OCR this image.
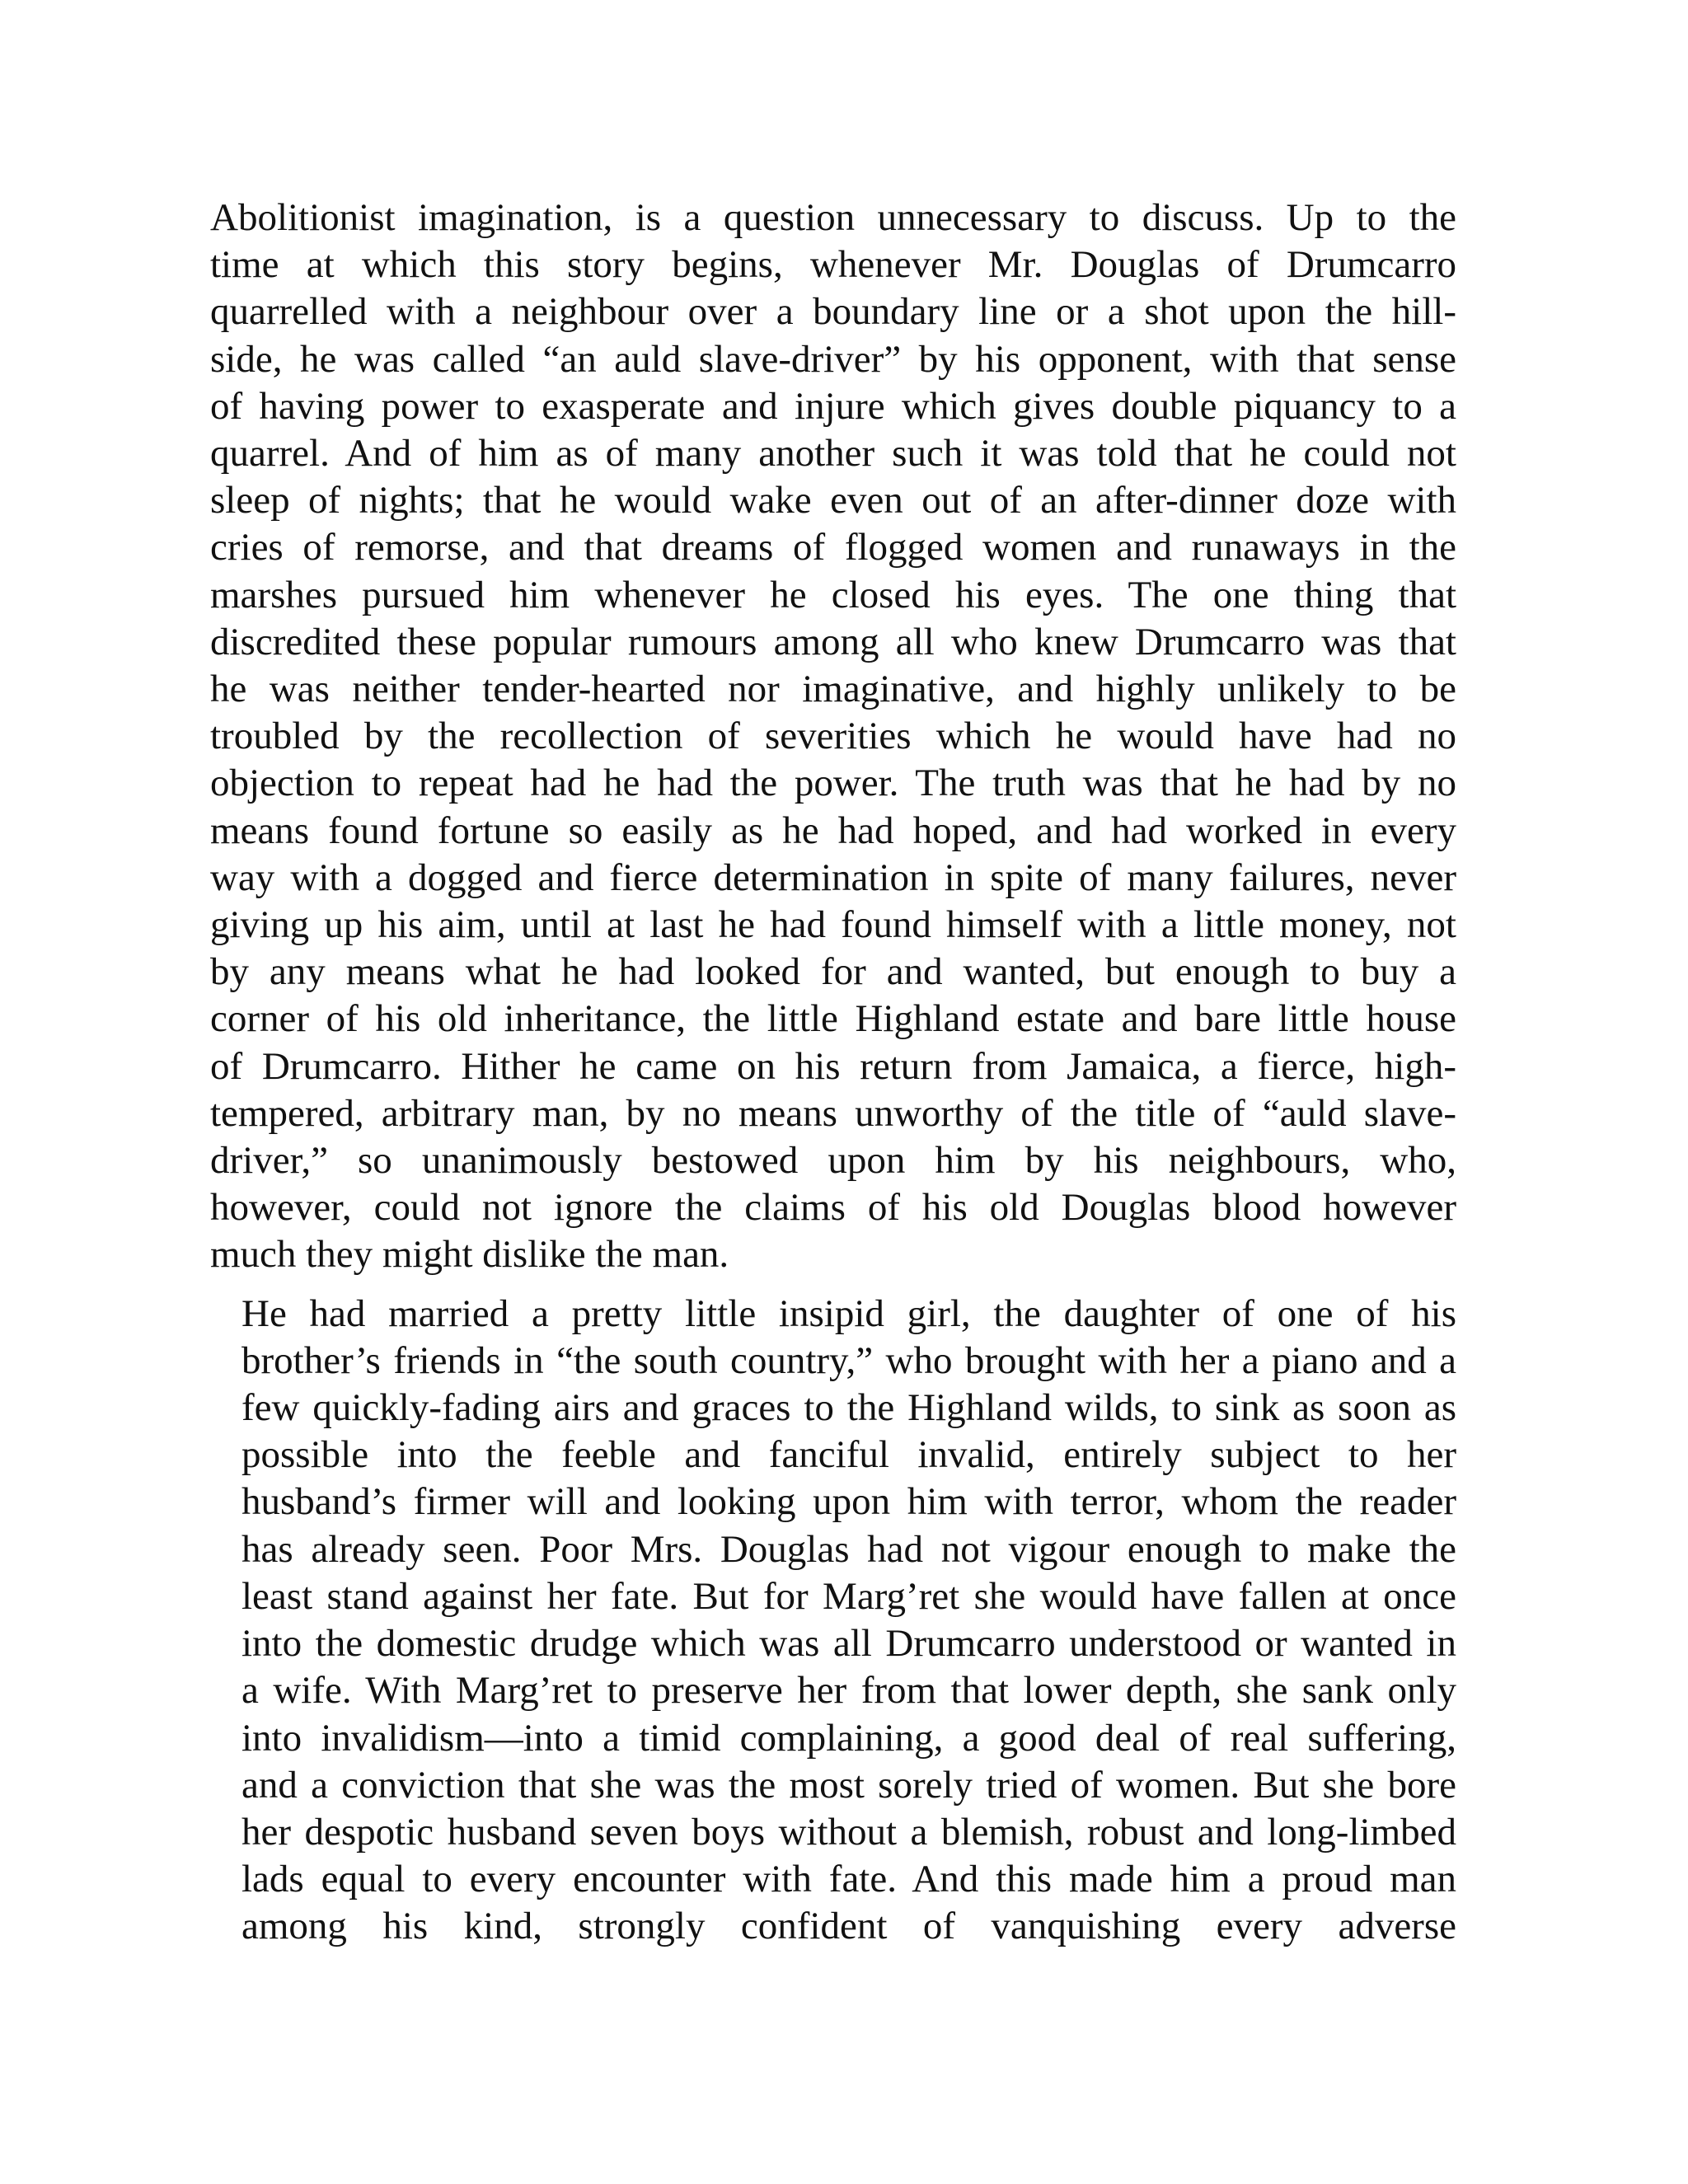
Abolitionist imagination, is a question unnecessary to discuss. Up to the
time at which this story begins, whenever Mr. Douglas of Drumcarro
quarrelled with a neighbour over a boundary line or a shot upon the hill-
side, he was called “an auld slave-driver” by his opponent, with that sense
of having power to exasperate and injure which gives double piquancy to a
quarrel. And of him as of many another such it was told that he could not
sleep of nights; that he would wake even out of an after-dinner doze with
cries of remorse, and that dreams of flogged women and runaways in the
marshes pursued him whenever he closed his eyes. The one thing that
discredited these popular rumours among all who knew Drumcarro was that
he was neither tender-hearted nor imaginative, and highly unlikely to be
troubled by the recollection of severities which he would have had no
objection to repeat had he had the power. The truth was that he had by no
means found fortune so easily as he had hoped, and had worked in every
way with a dogged and fierce determination in spite of many failures, never
giving up his aim, until at last he had found himself with a little money, not
by any means what he had looked for and wanted, but enough to buy a
corner of his old inheritance, the little Highland estate and bare little house
of Drumcarro. Hither he came on his return from Jamaica, a fierce, high-
tempered, arbitrary man, by no means unworthy of the title of “auld slave-
driver,” so unanimously bestowed upon him by his neighbours, who,
however, could not ignore the claims of his old Douglas blood however
much they might dislike the man.

He had married a pretty little insipid girl, the daughter of one of his
brother’s friends in “the south country,” who brought with her a piano and a
few quickly-fading airs and graces to the Highland wilds, to sink as soon as
possible into the feeble and fanciful invalid, entirely subject to her
husband’s firmer will and looking upon him with terror, whom the reader
has already seen. Poor Mrs. Douglas had not vigour enough to make the
least stand against her fate. But for Marg’ret she would have fallen at once
into the domestic drudge which was all Drumcarro understood or wanted in
a wife. With Marg’ret to preserve her from that lower depth, she sank only
into invalidism—into a timid complaining, a good deal of real suffering,
and a conviction that she was the most sorely tried of women. But she bore
her despotic husband seven boys without a blemish, robust and long-limbed
lads equal to every encounter with fate. And this made him a proud man
among his kind, strongly confident of vanquishing every adverse
